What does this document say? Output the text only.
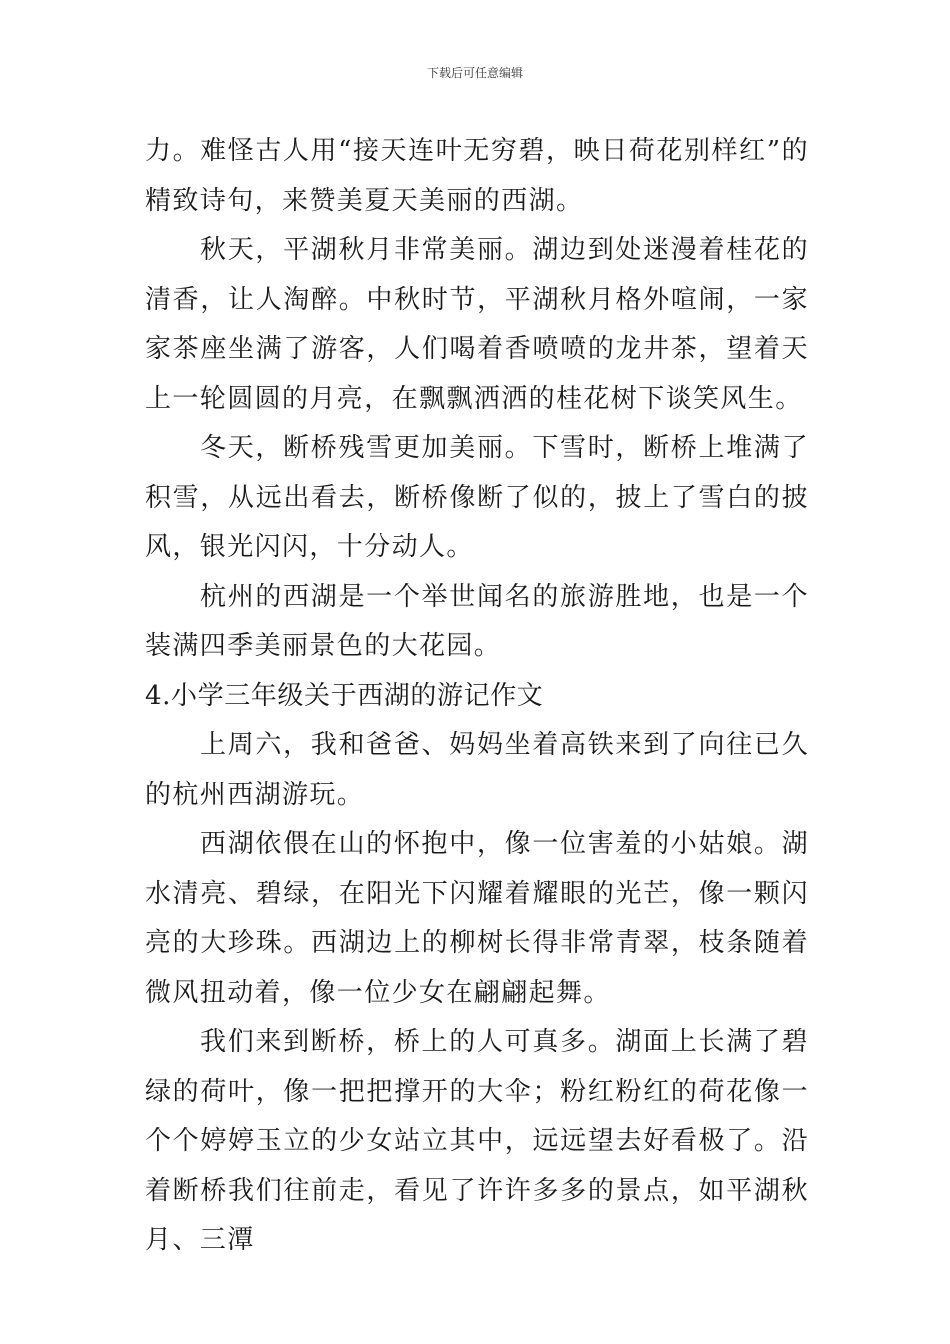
下载后可任意编辑

力。难怪古人用“接天连叶无穷碧，映日荷花别样红”的精致诗句，来赞美夏天美丽的西湖。

秋天，平湖秋月非常美丽。湖边到处迷漫着桂花的清香，让人淘醉。中秋时节，平湖秋月格外喧闹，一家家茶座坐满了游客，人们喝着香喷喷的龙井茶，望着天上一轮圆圆的月亮，在飘飘洒洒的桂花树下谈笑风生。

冬天，断桥残雪更加美丽。下雪时，断桥上堆满了积雪，从远出看去，断桥像断了似的，披上了雪白的披风，银光闪闪，十分动人。

杭州的西湖是一个举世闻名的旅游胜地，也是一个装满四季美丽景色的大花园。

4.小学三年级关于西湖的游记作文

上周六，我和爸爸、妈妈坐着高铁来到了向往已久的杭州西湖游玩。

西湖依偎在山的怀抱中，像一位害羞的小姑娘。湖水清亮、碧绿，在阳光下闪耀着耀眼的光芒，像一颗闪亮的大珍珠。西湖边上的柳树长得非常青翠，枝条随着微风扭动着，像一位少女在翩翩起舞。

我们来到断桥，桥上的人可真多。湖面上长满了碧绿的荷叶，像一把把撑开的大伞；粉红粉红的荷花像一个个婷婷玉立的少女站立其中，远远望去好看极了。沿着断桥我们往前走，看见了许许多多的景点，如平湖秋月、三潭
